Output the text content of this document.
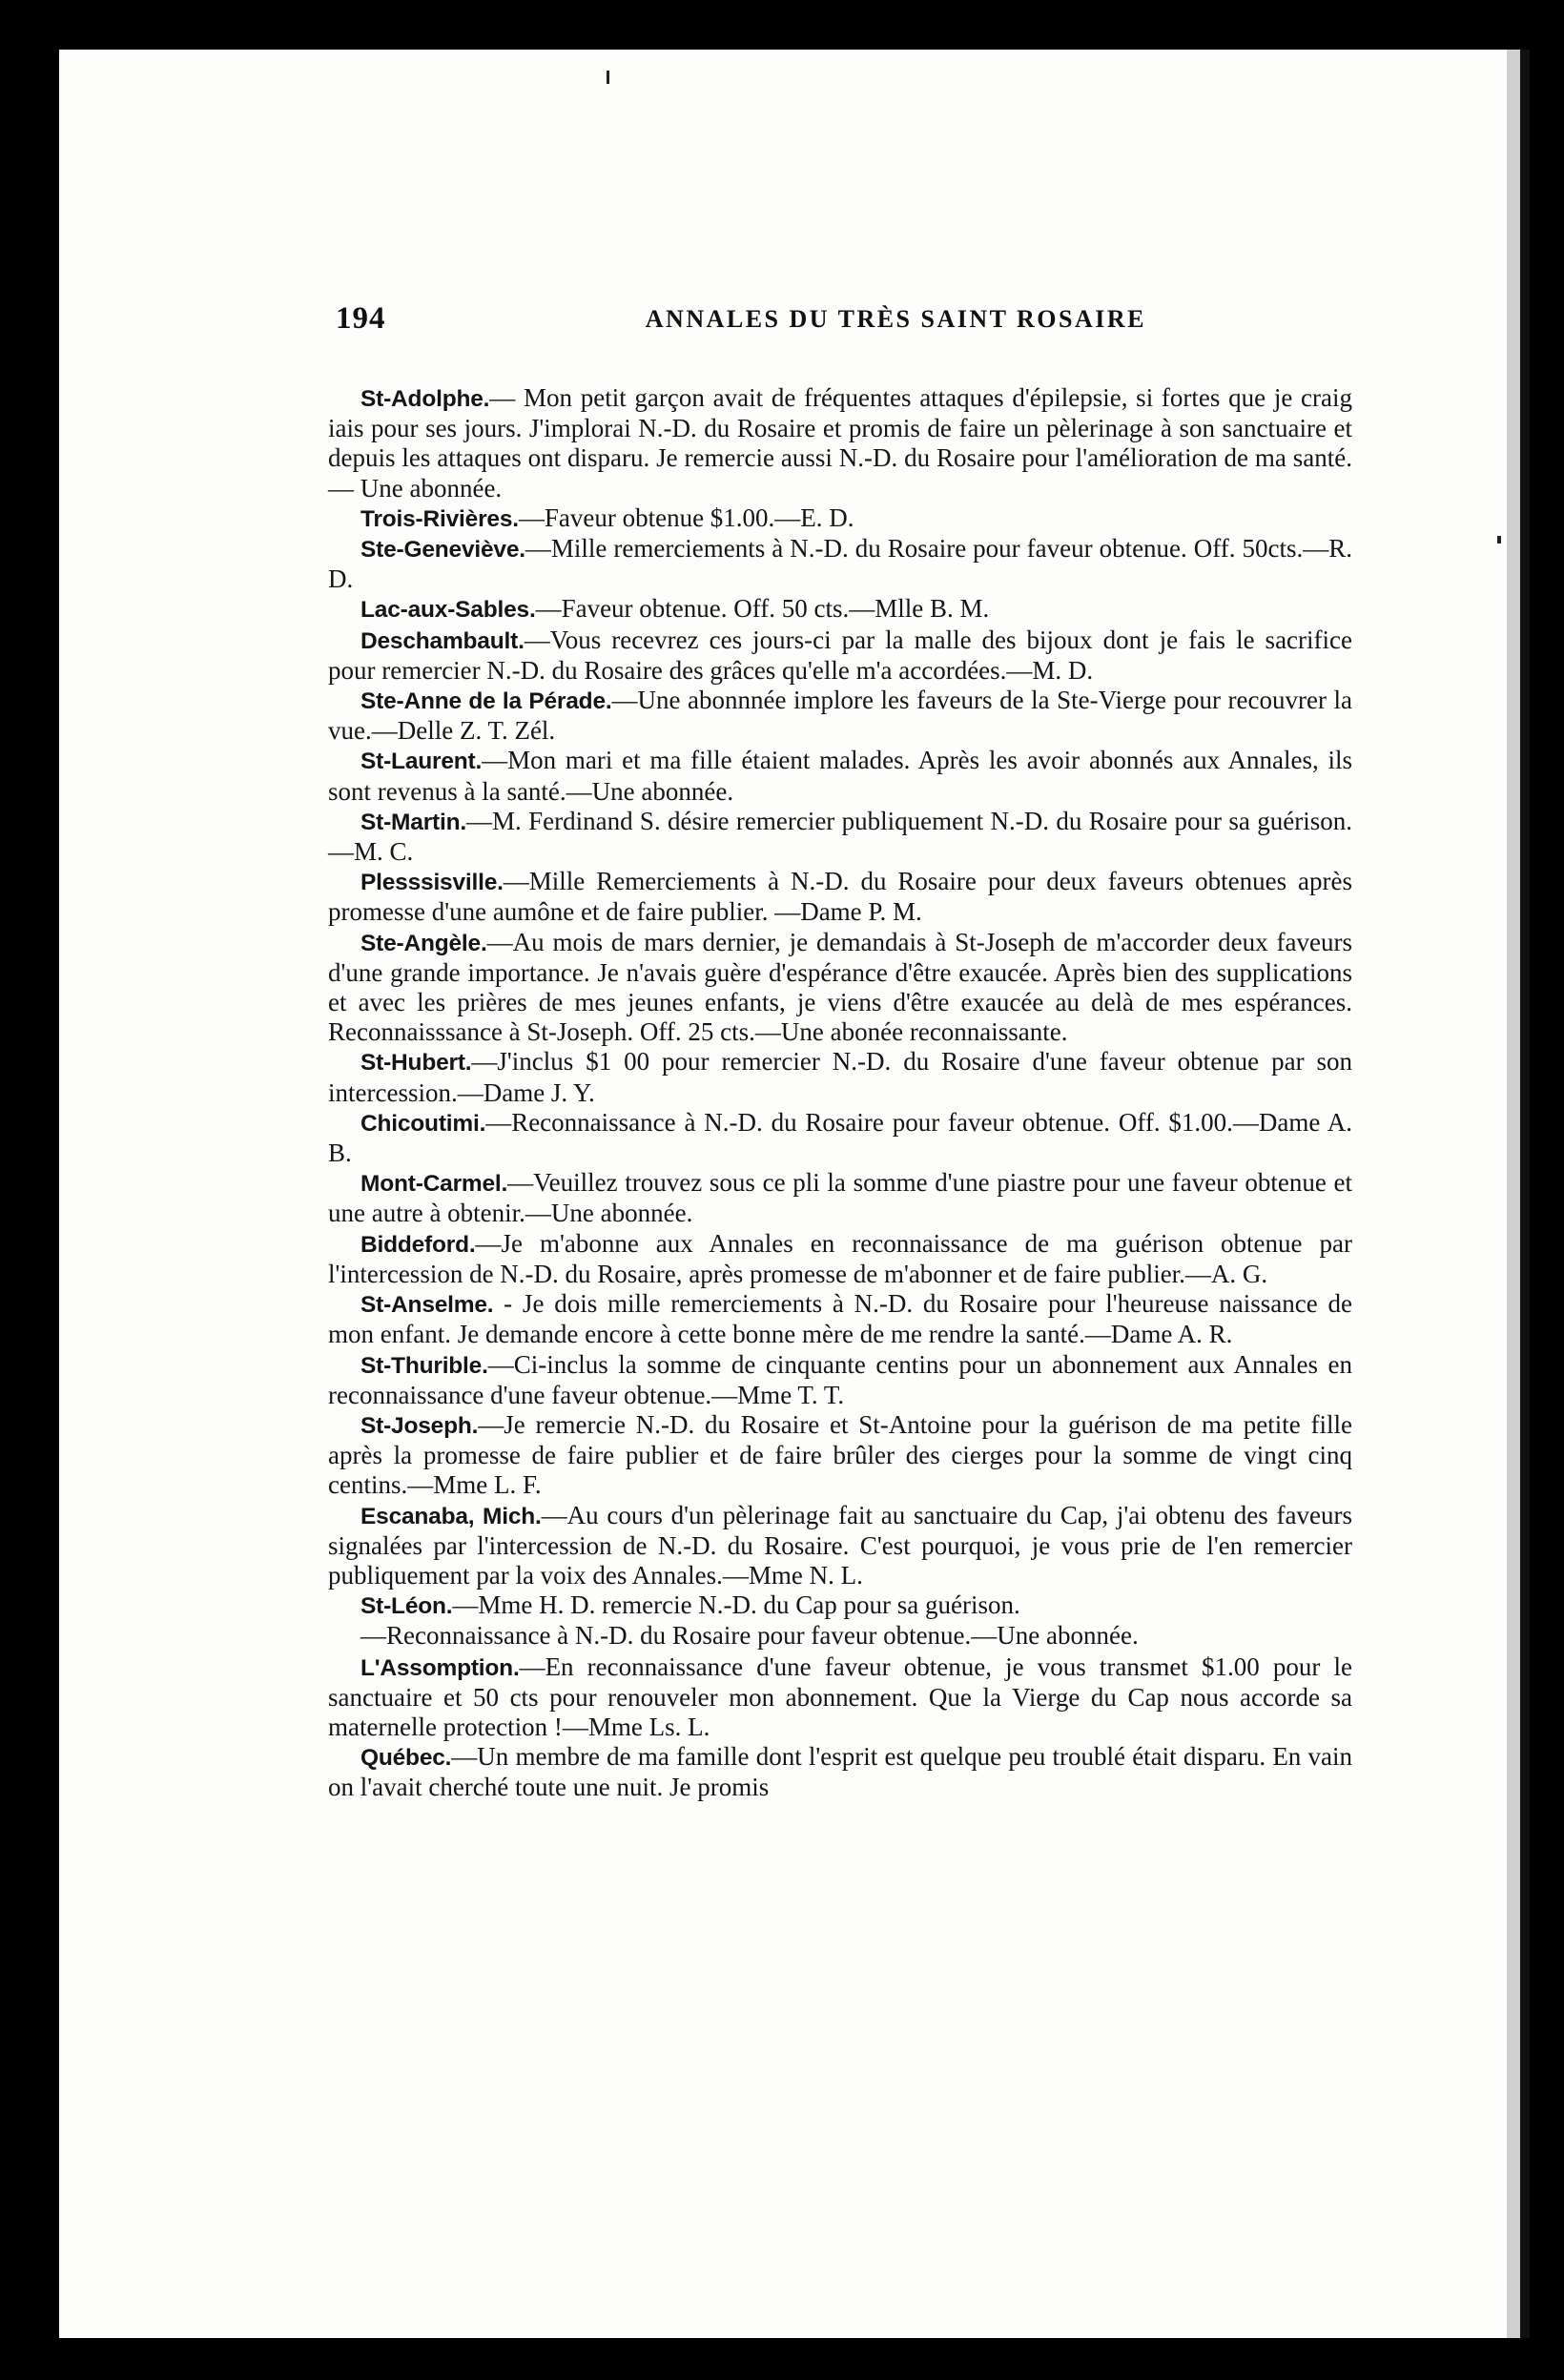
194	ANNALES DU TRÈS SAINT ROSAIRE

St-Adolphe.— Mon petit garçon avait de fréquentes attaques d'épilepsie, si fortes que je craig iais pour ses jours. J'implorai N.-D. du Rosaire et promis de faire un pèlerinage à son sanctuaire et depuis les attaques ont disparu. Je remercie aussi N.-D. du Rosaire pour l'amélioration de ma santé. — Une abonnée.

Trois-Rivières.—Faveur obtenue $1.00.—E. D.

Ste-Geneviève.—Mille remerciements à N.-D. du Rosaire pour faveur obtenue. Off. 50cts.—R. D.

Lac-aux-Sables.—Faveur obtenue. Off. 50 cts.—Mlle B. M.

Deschambault.—Vous recevrez ces jours-ci par la malle des bijoux dont je fais le sacrifice pour remercier N.-D. du Rosaire des grâces qu'elle m'a accordées.—M. D.

Ste-Anne de la Pérade.—Une abonnnée implore les faveurs de la Ste-Vierge pour recouvrer la vue.—Delle Z. T. Zél.

St-Laurent.—Mon mari et ma fille étaient malades. Après les avoir abonnés aux Annales, ils sont revenus à la santé.—Une abonnée.

St-Martin.—M. Ferdinand S. désire remercier publiquement N.-D. du Rosaire pour sa guérison.—M. C.

Plesssisville.—Mille Remerciements à N.-D. du Rosaire pour deux faveurs obtenues après promesse d'une aumône et de faire publier. —Dame P. M.

Ste-Angèle.—Au mois de mars dernier, je demandais à St-Joseph de m'accorder deux faveurs d'une grande importance. Je n'avais guère d'espérance d'être exaucée. Après bien des supplications et avec les prières de mes jeunes enfants, je viens d'être exaucée au delà de mes espérances. Reconnaisssance à St-Joseph. Off. 25 cts.—Une abonée reconnaissante.

St-Hubert.—J'inclus $1 00 pour remercier N.-D. du Rosaire d'une faveur obtenue par son intercession.—Dame J. Y.

Chicoutimi.—Reconnaissance à N.-D. du Rosaire pour faveur obtenue. Off. $1.00.—Dame A. B.

Mont-Carmel.—Veuillez trouvez sous ce pli la somme d'une piastre pour une faveur obtenue et une autre à obtenir.—Une abonnée.

Biddeford.—Je m'abonne aux Annales en reconnaissance de ma guérison obtenue par l'intercession de N.-D. du Rosaire, après promesse de m'abonner et de faire publier.—A. G.

St-Anselme. - Je dois mille remerciements à N.-D. du Rosaire pour l'heureuse naissance de mon enfant. Je demande encore à cette bonne mère de me rendre la santé.—Dame A. R.

St-Thurible.—Ci-inclus la somme de cinquante centins pour un abonnement aux Annales en reconnaissance d'une faveur obtenue.—Mme T. T.

St-Joseph.—Je remercie N.-D. du Rosaire et St-Antoine pour la guérison de ma petite fille après la promesse de faire publier et de faire brûler des cierges pour la somme de vingt cinq centins.—Mme L. F.

Escanaba, Mich.—Au cours d'un pèlerinage fait au sanctuaire du Cap, j'ai obtenu des faveurs signalées par l'intercession de N.-D. du Rosaire. C'est pourquoi, je vous prie de l'en remercier publiquement par la voix des Annales.—Mme N. L.

St-Léon.—Mme H. D. remercie N.-D. du Cap pour sa guérison.

—Reconnaissance à N.-D. du Rosaire pour faveur obtenue.—Une abonnée.

L'Assomption.—En reconnaissance d'une faveur obtenue, je vous transmet $1.00 pour le sanctuaire et 50 cts pour renouveler mon abonnement. Que la Vierge du Cap nous accorde sa maternelle protection !—Mme Ls. L.

Québec.—Un membre de ma famille dont l'esprit est quelque peu troublé était disparu. En vain on l'avait cherché toute une nuit. Je promis
